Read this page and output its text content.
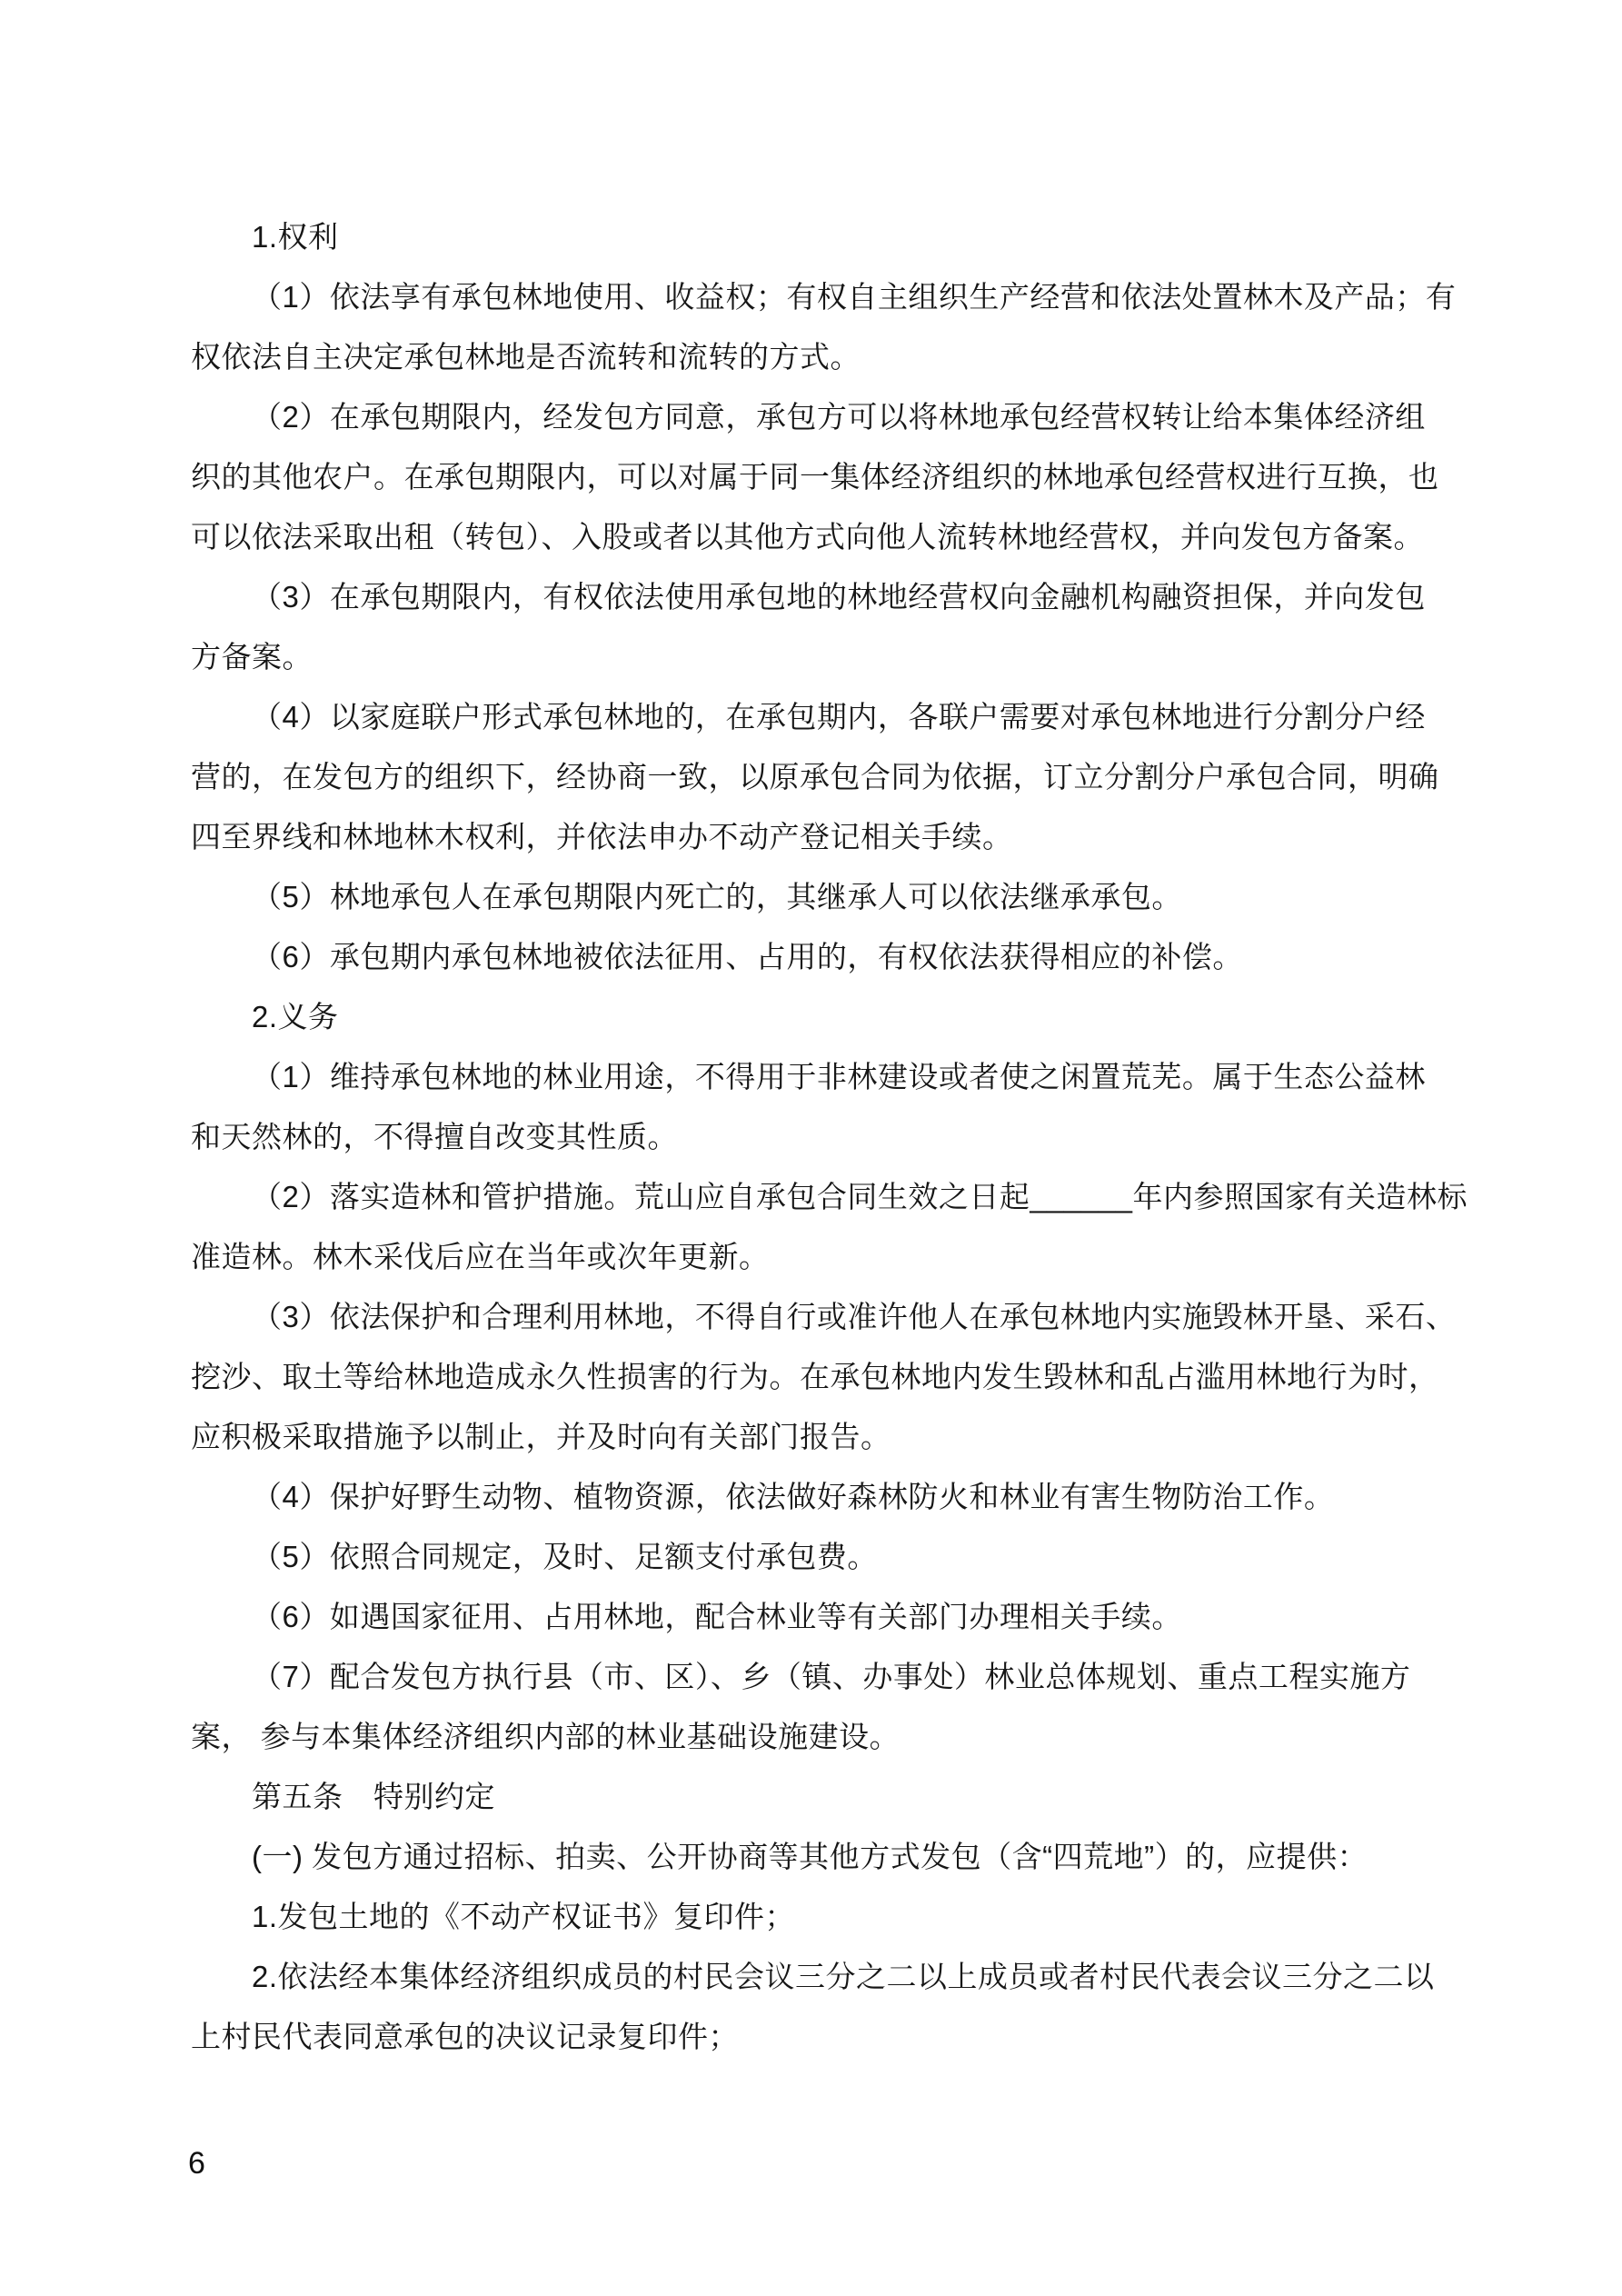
1.权利
（1）依法享有承包林地使用、收益权；有权自主组织生产经营和依法处置林木及产品；有
权依法自主决定承包林地是否流转和流转的方式。
（2）在承包期限内，经发包方同意，承包方可以将林地承包经营权转让给本集体经济组
织的其他农户。在承包期限内，可以对属于同一集体经济组织的林地承包经营权进行互换，也
可以依法采取出租（转包）、入股或者以其他方式向他人流转林地经营权，并向发包方备案。
（3）在承包期限内，有权依法使用承包地的林地经营权向金融机构融资担保，并向发包
方备案。
（4）以家庭联户形式承包林地的，在承包期内，各联户需要对承包林地进行分割分户经
营的，在发包方的组织下，经协商一致，以原承包合同为依据，订立分割分户承包合同，明确
四至界线和林地林木权利，并依法申办不动产登记相关手续。
（5）林地承包人在承包期限内死亡的，其继承人可以依法继承承包。
（6）承包期内承包林地被依法征用、占用的，有权依法获得相应的补偿。
2.义务
（1）维持承包林地的林业用途，不得用于非林建设或者使之闲置荒芜。属于生态公益林
和天然林的，不得擅自改变其性质。
（2）落实造林和管护措施。荒山应自承包合同生效之日起______年内参照国家有关造林标
准造林。林木采伐后应在当年或次年更新。
（3）依法保护和合理利用林地，不得自行或准许他人在承包林地内实施毁林开垦、采石、
挖沙、取土等给林地造成永久性损害的行为。在承包林地内发生毁林和乱占滥用林地行为时，
应积极采取措施予以制止，并及时向有关部门报告。
（4）保护好野生动物、植物资源，依法做好森林防火和林业有害生物防治工作。
（5）依照合同规定，及时、足额支付承包费。
（6）如遇国家征用、占用林地，配合林业等有关部门办理相关手续。
（7）配合发包方执行县（市、区）、乡（镇、办事处）林业总体规划、重点工程实施方
案， 参与本集体经济组织内部的林业基础设施建设。
第五条　特别约定
(一) 发包方通过招标、拍卖、公开协商等其他方式发包（含“四荒地”）的，应提供：
1.发包土地的《不动产权证书》复印件；
2.依法经本集体经济组织成员的村民会议三分之二以上成员或者村民代表会议三分之二以
上村民代表同意承包的决议记录复印件；
6
